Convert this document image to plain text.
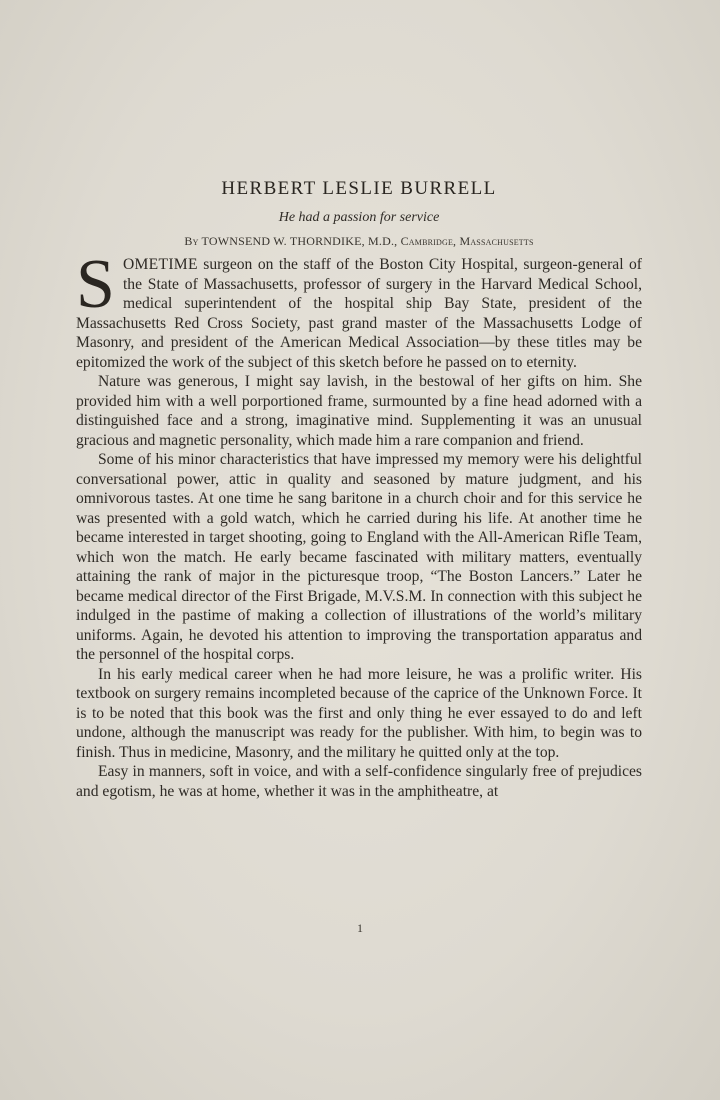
HERBERT LESLIE BURRELL
He had a passion for service
By TOWNSEND W. THORNDIKE, M.D., Cambridge, Massachusetts

SOMETIME surgeon on the staff of the Boston City Hospital, surgeon-general of the State of Massachusetts, professor of surgery in the Harvard Medical School, medical superintendent of the hospital ship Bay State, president of the Massachusetts Red Cross Society, past grand master of the Massachusetts Lodge of Masonry, and president of the American Medical Association—by these titles may be epitomized the work of the subject of this sketch before he passed on to eternity.

Nature was generous, I might say lavish, in the bestowal of her gifts on him. She provided him with a well porportioned frame, surmounted by a fine head adorned with a distinguished face and a strong, imaginative mind. Supplementing it was an unusual gracious and magnetic personality, which made him a rare companion and friend.

Some of his minor characteristics that have impressed my memory were his delightful conversational power, attic in quality and seasoned by mature judgment, and his omnivorous tastes. At one time he sang baritone in a church choir and for this service he was presented with a gold watch, which he carried during his life. At another time he became interested in target shooting, going to England with the All-American Rifle Team, which won the match. He early became fascinated with military matters, eventually attaining the rank of major in the picturesque troop, “The Boston Lancers.” Later he became medical director of the First Brigade, M.V.S.M. In connection with this subject he indulged in the pastime of making a collection of illustrations of the world’s military uniforms. Again, he devoted his attention to improving the transportation apparatus and the personnel of the hospital corps.

In his early medical career when he had more leisure, he was a prolific writer. His textbook on surgery remains incompleted because of the caprice of the Unknown Force. It is to be noted that this book was the first and only thing he ever essayed to do and left undone, although the manuscript was ready for the publisher. With him, to begin was to finish. Thus in medicine, Masonry, and the military he quitted only at the top.

Easy in manners, soft in voice, and with a self-confidence singularly free of prejudices and egotism, he was at home, whether it was in the amphitheatre, at

1
